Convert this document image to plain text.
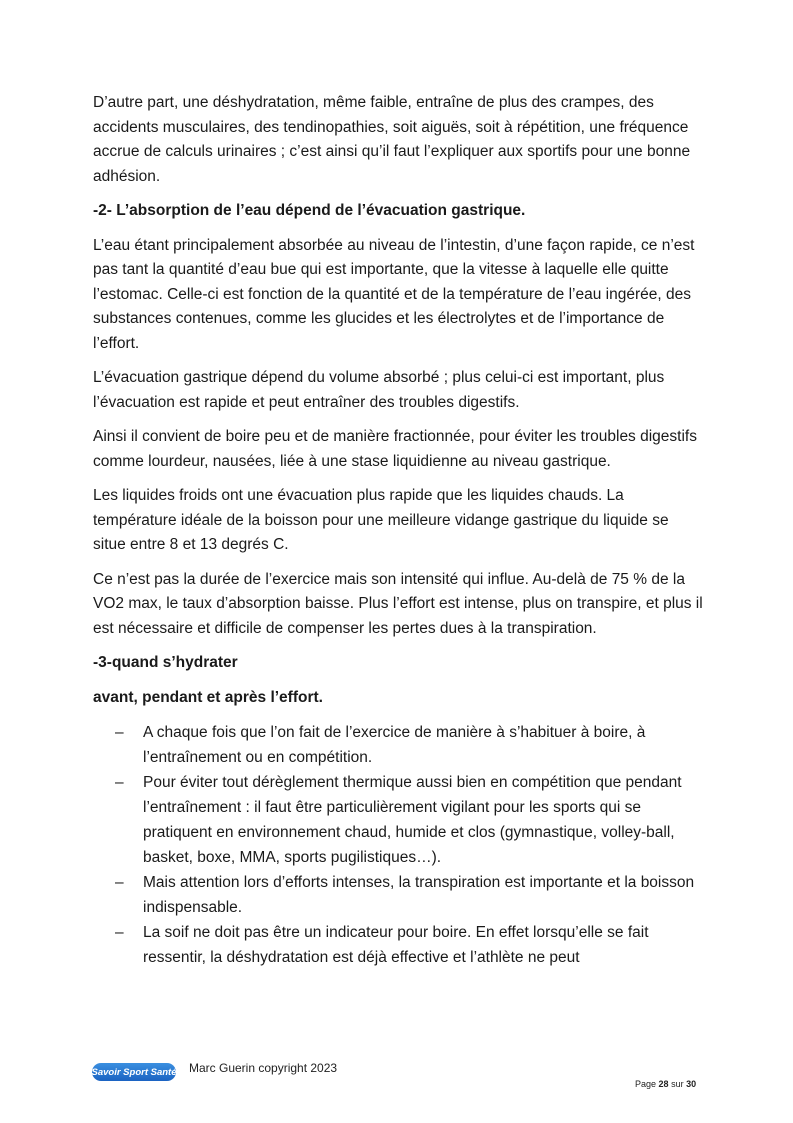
D’autre part, une déshydratation, même faible, entraîne de plus des crampes, des accidents musculaires, des tendinopathies, soit aiguës, soit à répétition, une fréquence accrue de calculs urinaires ; c’est ainsi qu’il faut l’expliquer aux sportifs pour une bonne adhésion.

-2- L’absorption de l’eau dépend de l’évacuation gastrique.

L’eau étant principalement absorbée au niveau de l’intestin, d’une façon rapide, ce n’est pas tant la quantité d’eau bue qui est importante, que la vitesse à laquelle elle quitte l’estomac. Celle-ci est fonction de la quantité et de la température de l’eau ingérée, des substances contenues, comme les glucides et les électrolytes et de l’importance de l’effort.

L’évacuation gastrique dépend du volume absorbé ; plus celui-ci est important, plus l’évacuation est rapide et peut entraîner des troubles digestifs.

Ainsi il convient de boire peu et de manière fractionnée, pour éviter les troubles digestifs comme lourdeur, nausées, liée à une stase liquidienne au niveau gastrique.

Les liquides froids ont une évacuation plus rapide que les liquides chauds. La température idéale de la boisson pour une meilleure vidange gastrique du liquide se situe entre 8 et 13 degrés C.

Ce n’est pas la durée de l’exercice mais son intensité qui influe. Au-delà de 75 % de la VO2 max, le taux d’absorption baisse. Plus l’effort est intense, plus on transpire, et plus il est nécessaire et difficile de compenser les pertes dues à la transpiration.

-3-quand s’hydrater

avant, pendant et après l’effort.

– A chaque fois que l’on fait de l’exercice de manière à s’habituer à boire, à l’entraînement ou en compétition.
– Pour éviter tout dérèglement thermique aussi bien en compétition que pendant l’entraînement : il faut être particulièrement vigilant pour les sports qui se pratiquent en environnement chaud, humide et clos (gymnastique, volley-ball, basket, boxe, MMA, sports pugilistiques…).
– Mais attention lors d’efforts intenses, la transpiration est importante et la boisson indispensable.
– La soif ne doit pas être un indicateur pour boire. En effet lorsqu’elle se fait ressentir, la déshydratation est déjà effective et l’athlète ne peut
Savoir Sport Santé Marc Guerin copyright 2023
Page 28 sur 30
